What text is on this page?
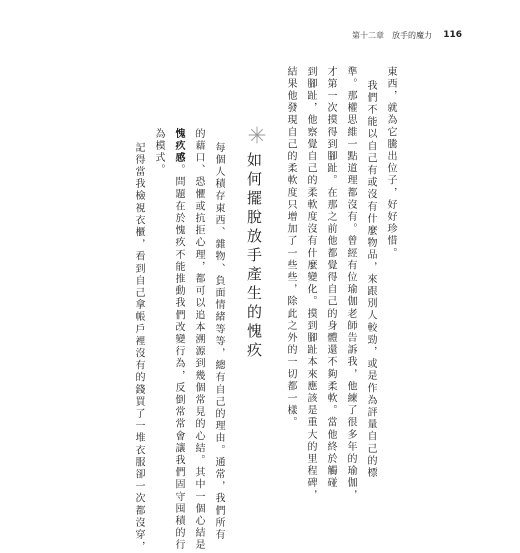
第十二章　放手的魔力 116
東西，就為它騰出位子，好好珍惜。
我們不能以自己有或沒有什麼物品，來跟別人較勁，或是作為評量自己的標
準。那權思維一點道理都沒有。曾經有位瑜伽老師告訴我，他練了很多年的瑜伽，
才第一次摸得到腳趾。在那之前他都覺得自己的身體還不夠柔軟。當他終於觸碰
到腳趾，他察覺自己的柔軟度沒有什麼變化。摸到腳趾本來應該是重大的里程碑，
結果他發現自己的柔軟度只增加了一些些，除此之外的一切都一樣。
如何擺脫放手產生的愧疚
每個人積存東西、雜物、負面情緒等等，總有自己的理由。通常，我們所有
的藉口、恐懼或抗拒心理，都可以追本溯源到幾個常見的心結。其中一個心結是
愧疚感。問題在於愧疚不能推動我們改變行為，反倒常常會讓我們固守囤積的行
為模式。
記得當我檢視衣櫃，看到自己拿帳戶裡沒有的錢買了一堆衣服卻一次都沒穿，
